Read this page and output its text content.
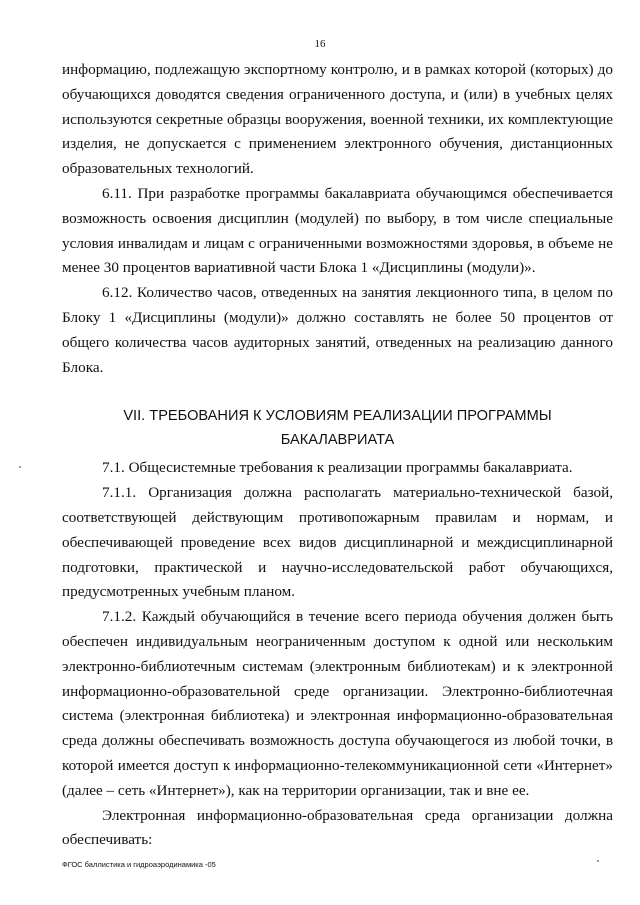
16

информацию, подлежащую экспортному контролю, и в рамках которой (которых) до обучающихся доводятся сведения ограниченного доступа, и (или) в учебных целях используются секретные образцы вооружения, военной техники, их комплектующие изделия, не допускается с применением электронного обучения, дистанционных образовательных технологий.

6.11. При разработке программы бакалавриата обучающимся обеспечивается возможность освоения дисциплин (модулей) по выбору, в том числе специальные условия инвалидам и лицам с ограниченными возможностями здоровья, в объеме не менее 30 процентов вариативной части Блока 1 «Дисциплины (модули)».

6.12. Количество часов, отведенных на занятия лекционного типа, в целом по Блоку 1 «Дисциплины (модули)» должно составлять не более 50 процентов от общего количества часов аудиторных занятий, отведенных на реализацию данного Блока.

VII. ТРЕБОВАНИЯ К УСЛОВИЯМ РЕАЛИЗАЦИИ ПРОГРАММЫ
БАКАЛАВРИАТА

7.1. Общесистемные требования к реализации программы бакалавриата.

7.1.1. Организация должна располагать материально-технической базой, соответствующей действующим противопожарным правилам и нормам, и обеспечивающей проведение всех видов дисциплинарной и междисциплинарной подготовки, практической и научно-исследовательской работ обучающихся, предусмотренных учебным планом.

7.1.2. Каждый обучающийся в течение всего периода обучения должен быть обеспечен индивидуальным неограниченным доступом к одной или нескольким электронно-библиотечным системам (электронным библиотекам) и к электронной информационно-образовательной среде организации. Электронно-библиотечная система (электронная библиотека) и электронная информационно-образовательная среда должны обеспечивать возможность доступа обучающегося из любой точки, в которой имеется доступ к информационно-телекоммуникационной сети «Интернет» (далее – сеть «Интернет»), как на территории организации, так и вне ее.

Электронная информационно-образовательная среда организации должна обеспечивать:

ФГОС баллистика и гидроаэродинамика -05
